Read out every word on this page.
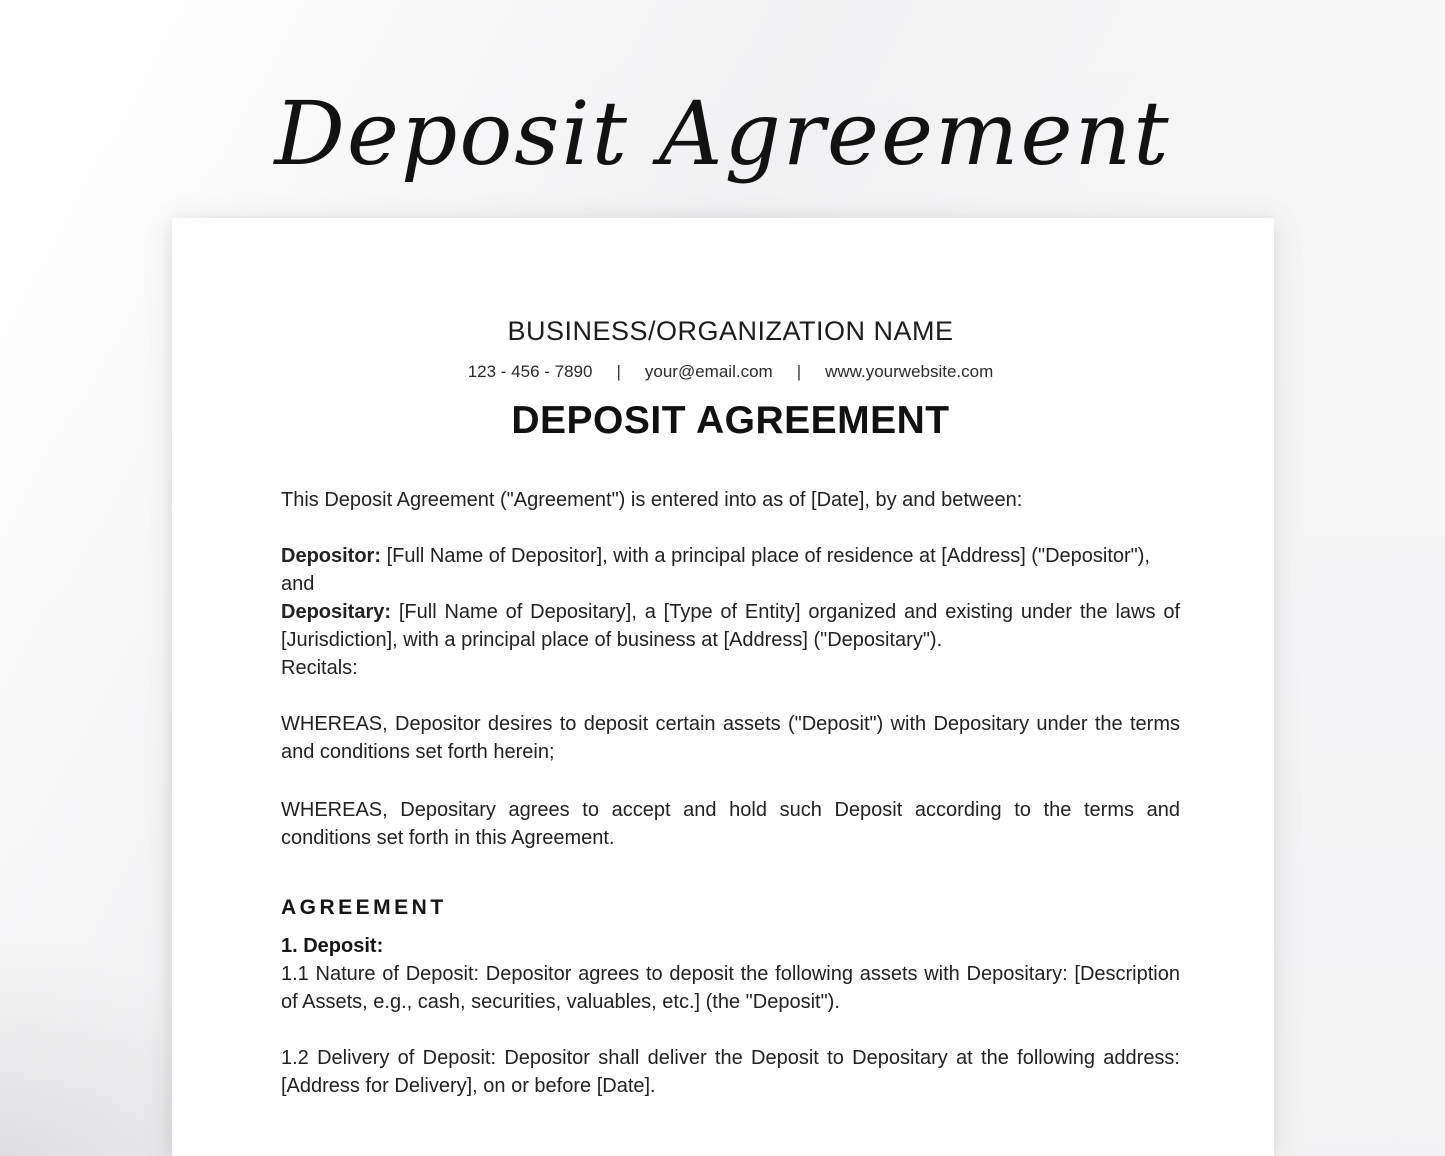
Deposit Agreement
BUSINESS/ORGANIZATION NAME
123 - 456 - 7890 | your@email.com | www.yourwebsite.com
DEPOSIT AGREEMENT

This Deposit Agreement ("Agreement") is entered into as of [Date], by and between:

Depositor: [Full Name of Depositor], with a principal place of residence at [Address] ("Depositor"),

and

Depositary: [Full Name of Depositary], a [Type of Entity] organized and existing under the laws of [Jurisdiction], with a principal place of business at [Address] ("Depositary").

Recitals:

WHEREAS, Depositor desires to deposit certain assets ("Deposit") with Depositary under the terms and conditions set forth herein;

WHEREAS, Depositary agrees to accept and hold such Deposit according to the terms and conditions set forth in this Agreement.

AGREEMENT
1. Deposit:

1.1 Nature of Deposit: Depositor agrees to deposit the following assets with Depositary: [Description of Assets, e.g., cash, securities, valuables, etc.] (the "Deposit").

1.2 Delivery of Deposit: Depositor shall deliver the Deposit to Depositary at the following address: [Address for Delivery], on or before [Date].
